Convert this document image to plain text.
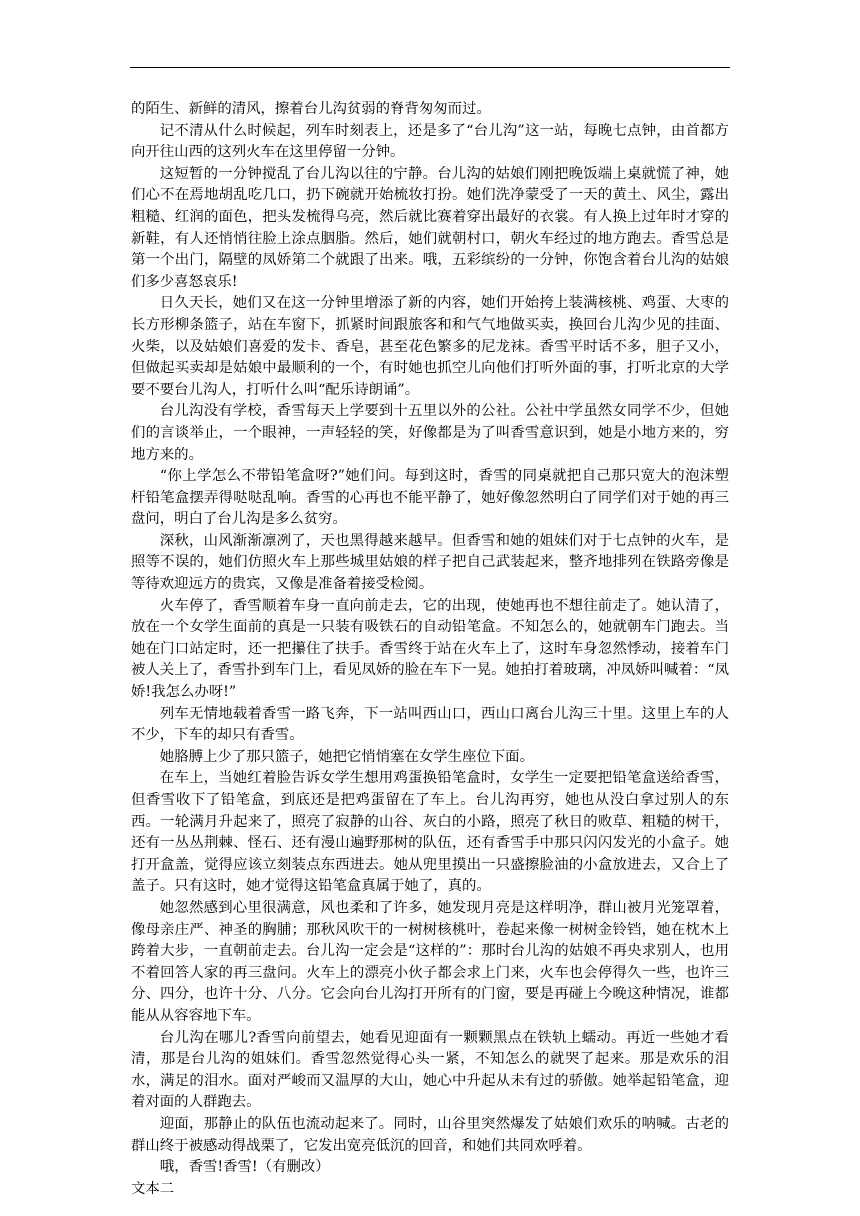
的陌生、新鲜的清风，擦着台儿沟贫弱的脊背匆匆而过。

记不清从什么时候起，列车时刻表上，还是多了“台儿沟”这一站，每晚七点钟，由首都方向开往山西的这列火车在这里停留一分钟。

这短暂的一分钟搅乱了台儿沟以往的宁静。台儿沟的姑娘们刚把晚饭端上桌就慌了神，她们心不在焉地胡乱吃几口，扔下碗就开始梳妆打扮。她们洗净蒙受了一天的黄土、风尘，露出粗糙、红润的面色，把头发梳得乌亮，然后就比赛着穿出最好的衣裳。有人换上过年时才穿的新鞋，有人还悄悄往脸上涂点胭脂。然后，她们就朝村口，朝火车经过的地方跑去。香雪总是第一个出门，隔壁的凤娇第二个就跟了出来。哦，五彩缤纷的一分钟，你饱含着台儿沟的姑娘们多少喜怒哀乐!

日久天长，她们又在这一分钟里增添了新的内容，她们开始挎上装满核桃、鸡蛋、大枣的长方形柳条篮子，站在车窗下，抓紧时间跟旅客和和气气地做买卖，换回台儿沟少见的挂面、火柴，以及姑娘们喜爱的发卡、香皂，甚至花色繁多的尼龙袜。香雪平时话不多，胆子又小，但做起买卖却是姑娘中最顺利的一个，有时她也抓空儿向他们打听外面的事，打听北京的大学要不要台儿沟人，打听什么叫“配乐诗朗诵”。

台儿沟没有学校，香雪每天上学要到十五里以外的公社。公社中学虽然女同学不少，但她们的言谈举止，一个眼神，一声轻轻的笑，好像都是为了叫香雪意识到，她是小地方来的，穷地方来的。

“你上学怎么不带铅笔盒呀?”她们问。每到这时，香雪的同桌就把自己那只宽大的泡沫塑杆铅笔盒摆弄得哒哒乱响。香雪的心再也不能平静了，她好像忽然明白了同学们对于她的再三盘问，明白了台儿沟是多么贫穷。

深秋，山风渐渐凛冽了，天也黑得越来越早。但香雪和她的姐妹们对于七点钟的火车，是照等不误的，她们仿照火车上那些城里姑娘的样子把自己武装起来，整齐地排列在铁路旁像是等待欢迎远方的贵宾，又像是准备着接受检阅。

火车停了，香雪顺着车身一直向前走去，它的出现，使她再也不想往前走了。她认清了，放在一个女学生面前的真是一只装有吸铁石的自动铅笔盒。不知怎么的，她就朝车门跑去。当她在门口站定时，还一把攥住了扶手。香雪终于站在火车上了，这时车身忽然悸动，接着车门被人关上了，香雪扑到车门上，看见凤娇的脸在车下一晃。她拍打着玻璃，冲凤娇叫喊着：“凤娇!我怎么办呀!”

列车无情地载着香雪一路飞奔，下一站叫西山口，西山口离台儿沟三十里。这里上车的人不少，下车的却只有香雪。

她胳膊上少了那只篮子，她把它悄悄塞在女学生座位下面。

在车上，当她红着脸告诉女学生想用鸡蛋换铅笔盒时，女学生一定要把铅笔盒送给香雪，但香雪收下了铅笔盒，到底还是把鸡蛋留在了车上。台儿沟再穷，她也从没白拿过别人的东西。一轮满月升起来了，照亮了寂静的山谷、灰白的小路，照亮了秋日的败草、粗糙的树干，还有一丛丛荆棘、怪石、还有漫山遍野那树的队伍，还有香雪手中那只闪闪发光的小盒子。她打开盒盖，觉得应该立刻装点东西进去。她从兜里摸出一只盛擦脸油的小盒放进去，又合上了盖子。只有这时，她才觉得这铅笔盒真属于她了，真的。

她忽然感到心里很满意，风也柔和了许多，她发现月亮是这样明净，群山被月光笼罩着，像母亲庄严、神圣的胸脯；那秋风吹干的一树树核桃叶，卷起来像一树树金铃铛，她在枕木上跨着大步，一直朝前走去。台儿沟一定会是“这样的”：那时台儿沟的姑娘不再央求别人，也用不着回答人家的再三盘问。火车上的漂亮小伙子都会求上门来，火车也会停得久一些，也许三分、四分，也许十分、八分。它会向台儿沟打开所有的门窗，要是再碰上今晚这种情况，谁都能从从容容地下车。

台儿沟在哪儿?香雪向前望去，她看见迎面有一颗颗黑点在铁轨上蠕动。再近一些她才看清，那是台儿沟的姐妹们。香雪忽然觉得心头一紧，不知怎么的就哭了起来。那是欢乐的泪水，满足的泪水。面对严峻而又温厚的大山，她心中升起从未有过的骄傲。她举起铅笔盒，迎着对面的人群跑去。

迎面，那静止的队伍也流动起来了。同时，山谷里突然爆发了姑娘们欢乐的呐喊。古老的群山终于被感动得战栗了，它发出宽亮低沉的回音，和她们共同欢呼着。

哦，香雪!香雪!（有删改）

文本二
